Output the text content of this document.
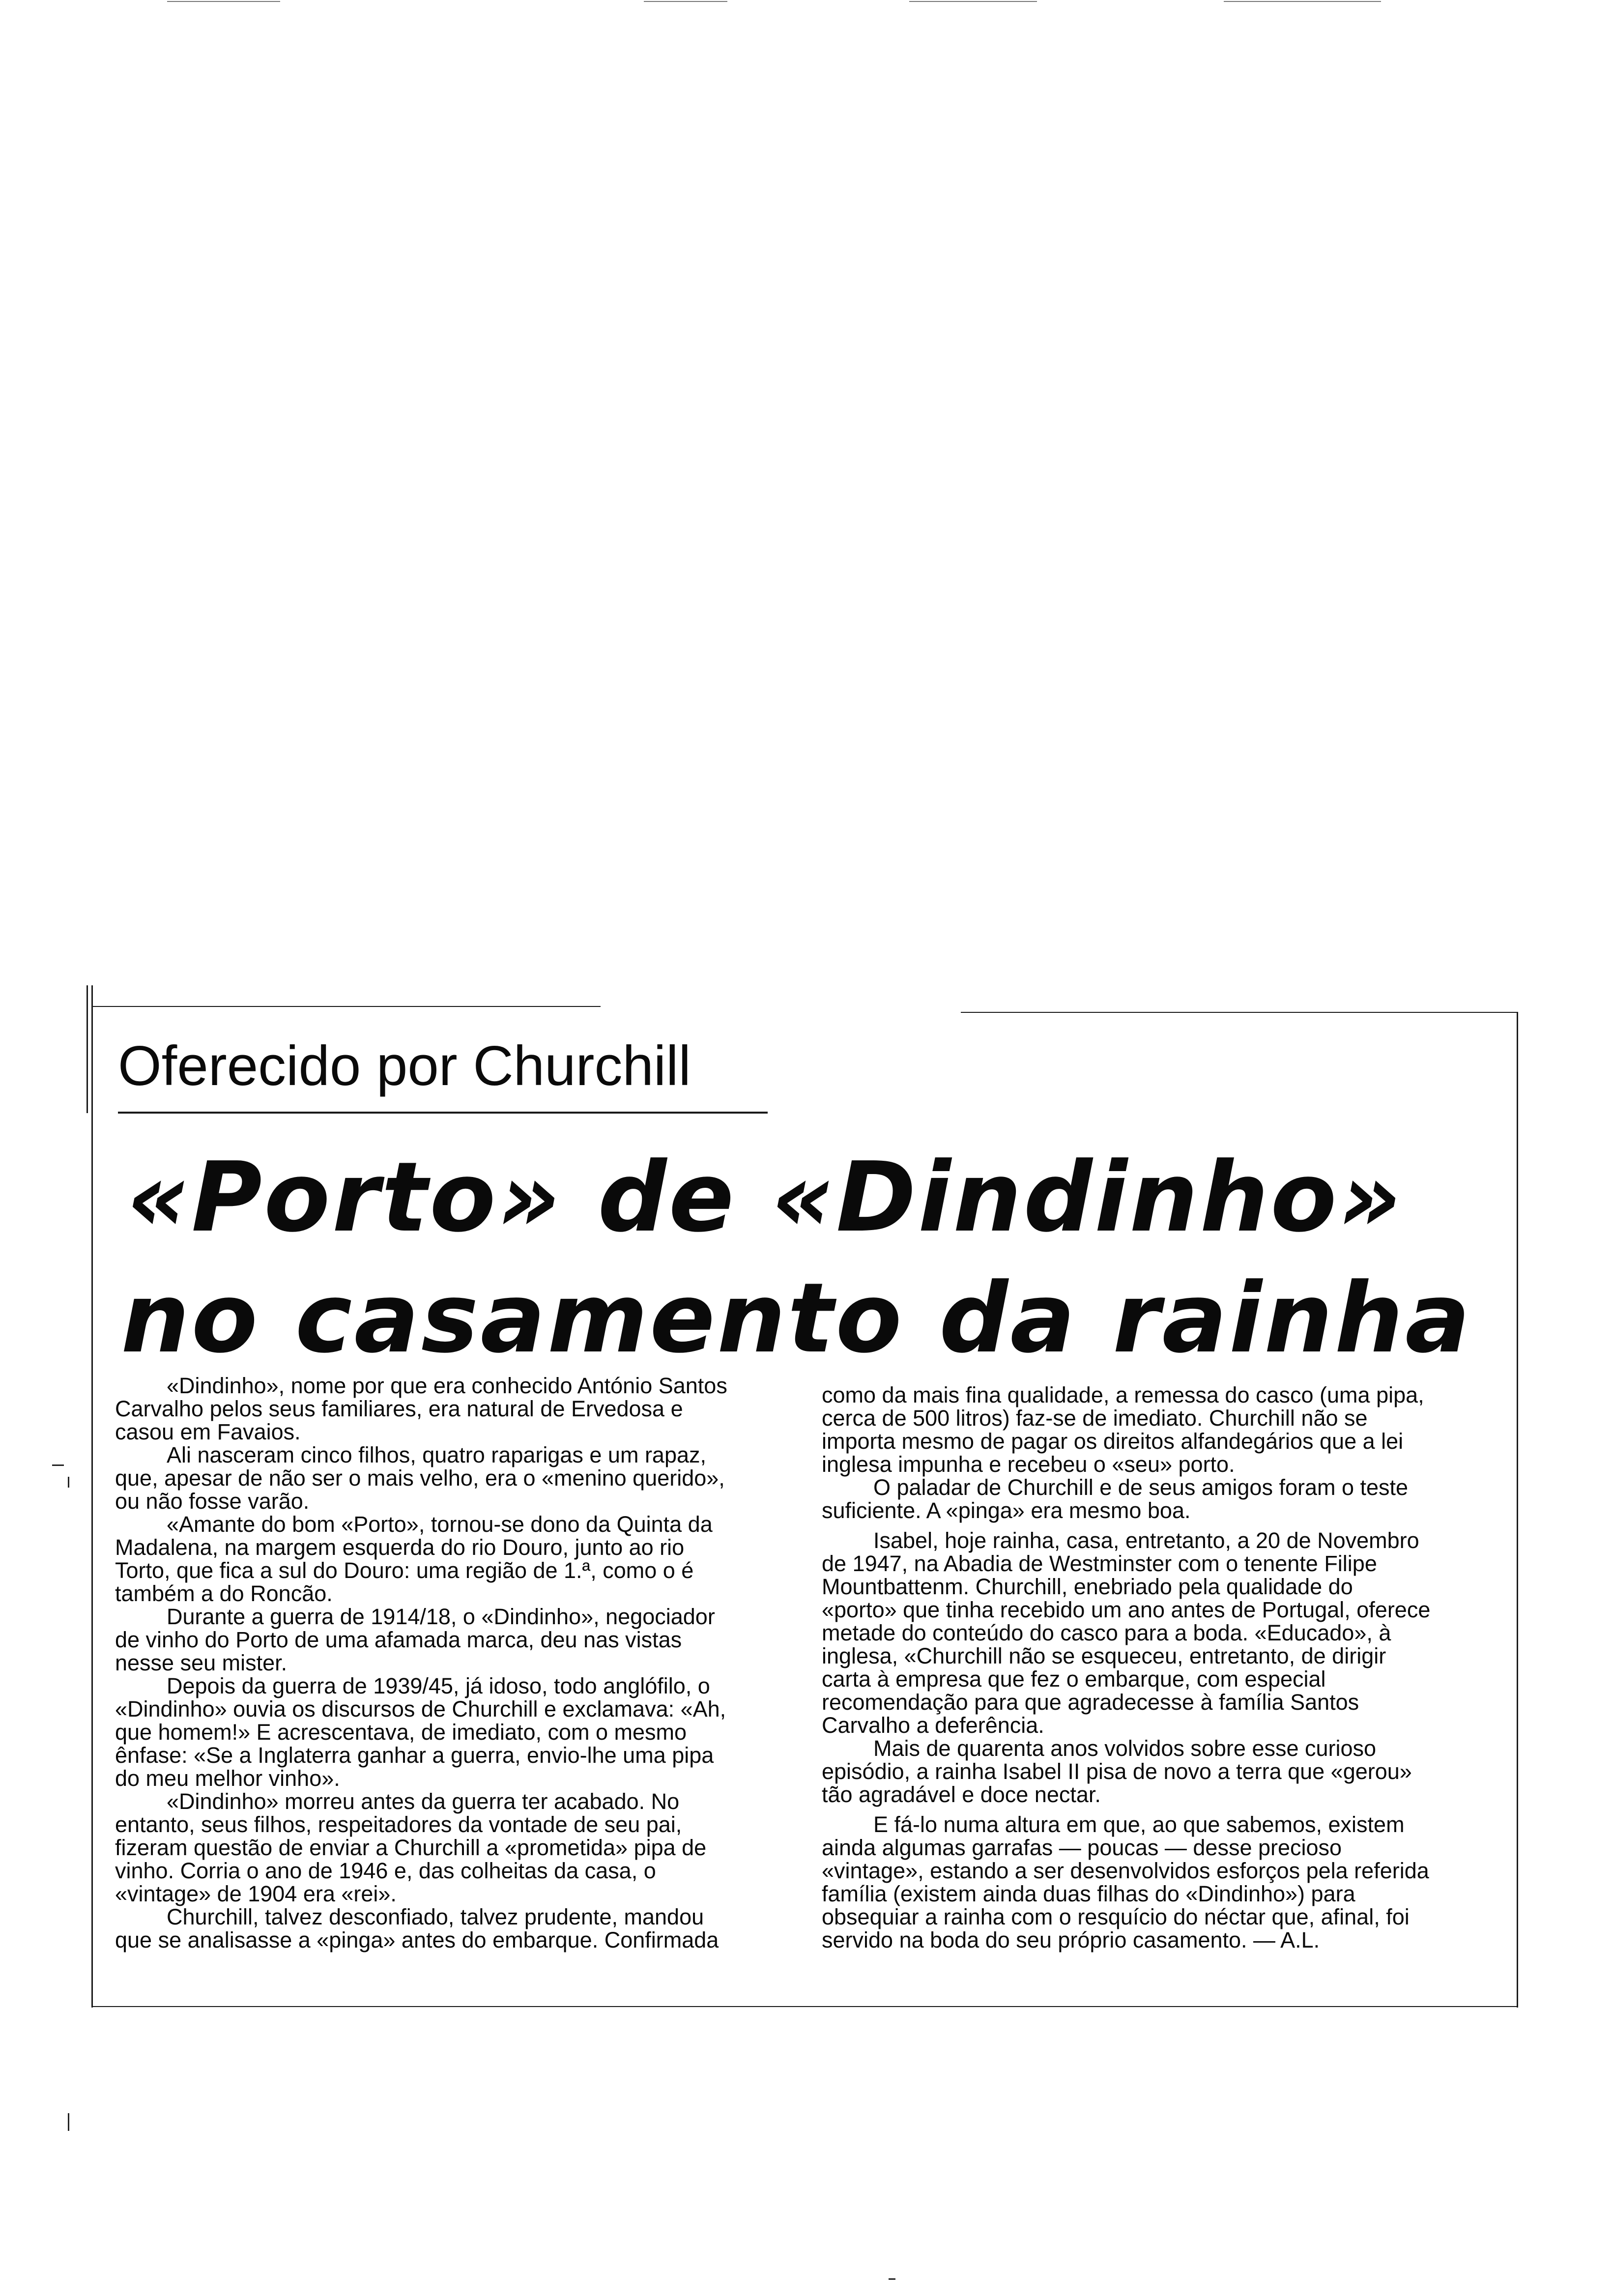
Oferecido por Churchill
«Porto» de «Dindinho»
no casamento da rainha
«Dindinho», nome por que era conhecido António Santos
Carvalho pelos seus familiares, era natural de Ervedosa e
casou em Favaios.
Ali nasceram cinco filhos, quatro raparigas e um rapaz,
que, apesar de não ser o mais velho, era o «menino querido»,
ou não fosse varão.
«Amante do bom «Porto», tornou-se dono da Quinta da
Madalena, na margem esquerda do rio Douro, junto ao rio
Torto, que fica a sul do Douro: uma região de 1.ª, como o é
também a do Roncão.
Durante a guerra de 1914/18, o «Dindinho», negociador
de vinho do Porto de uma afamada marca, deu nas vistas
nesse seu mister.
Depois da guerra de 1939/45, já idoso, todo anglófilo, o
«Dindinho» ouvia os discursos de Churchill e exclamava: «Ah,
que homem!» E acrescentava, de imediato, com o mesmo
ênfase: «Se a Inglaterra ganhar a guerra, envio-lhe uma pipa
do meu melhor vinho».
«Dindinho» morreu antes da guerra ter acabado. No
entanto, seus filhos, respeitadores da vontade de seu pai,
fizeram questão de enviar a Churchill a «prometida» pipa de
vinho. Corria o ano de 1946 e, das colheitas da casa, o
«vintage» de 1904 era «rei».
Churchill, talvez desconfiado, talvez prudente, mandou
que se analisasse a «pinga» antes do embarque. Confirmada
como da mais fina qualidade, a remessa do casco (uma pipa,
cerca de 500 litros) faz-se de imediato. Churchill não se
importa mesmo de pagar os direitos alfandegários que a lei
inglesa impunha e recebeu o «seu» porto.
O paladar de Churchill e de seus amigos foram o teste
suficiente. A «pinga» era mesmo boa.
Isabel, hoje rainha, casa, entretanto, a 20 de Novembro
de 1947, na Abadia de Westminster com o tenente Filipe
Mountbattenm. Churchill, enebriado pela qualidade do
«porto» que tinha recebido um ano antes de Portugal, oferece
metade do conteúdo do casco para a boda. «Educado», à
inglesa, «Churchill não se esqueceu, entretanto, de dirigir
carta à empresa que fez o embarque, com especial
recomendação para que agradecesse à família Santos
Carvalho a deferência.
Mais de quarenta anos volvidos sobre esse curioso
episódio, a rainha Isabel II pisa de novo a terra que «gerou»
tão agradável e doce nectar.
E fá-lo numa altura em que, ao que sabemos, existem
ainda algumas garrafas — poucas — desse precioso
«vintage», estando a ser desenvolvidos esforços pela referida
família (existem ainda duas filhas do «Dindinho») para
obsequiar a rainha com o resquício do néctar que, afinal, foi
servido na boda do seu próprio casamento. — A.L.
